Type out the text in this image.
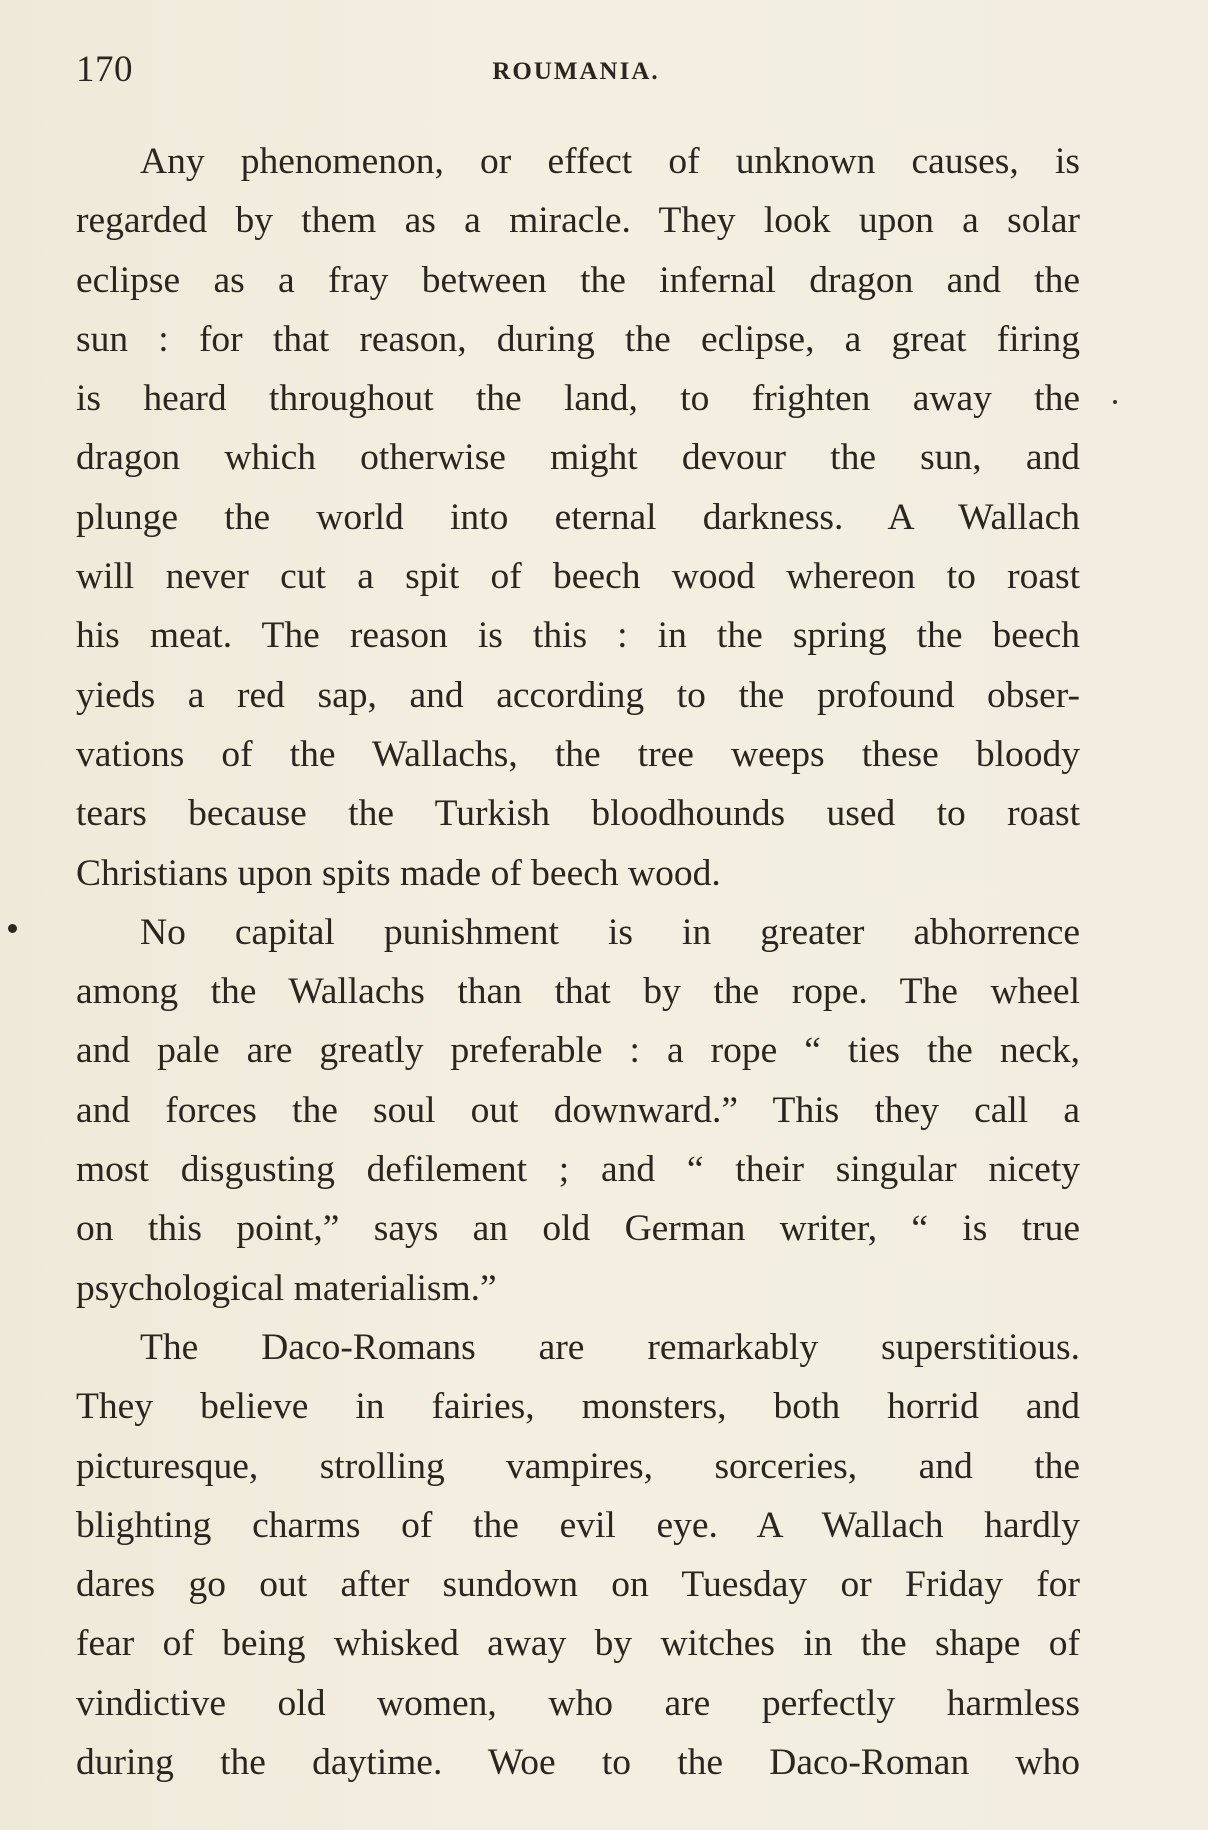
170	ROUMANIA.
Any phenomenon, or effect of unknown causes, is
regarded by them as a miracle. They look upon a solar
eclipse as a fray between the infernal dragon and the
sun : for that reason, during the eclipse, a great firing
is heard throughout the land, to frighten away the
dragon which otherwise might devour the sun, and
plunge the world into eternal darkness. A Wallach
will never cut a spit of beech wood whereon to roast
his meat. The reason is this : in the spring the beech
yieds a red sap, and according to the profound obser-
vations of the Wallachs, the tree weeps these bloody
tears because the Turkish bloodhounds used to roast
Christians upon spits made of beech wood.
No capital punishment is in greater abhorrence
among the Wallachs than that by the rope. The wheel
and pale are greatly preferable : a rope “ ties the neck,
and forces the soul out downward.” This they call a
most disgusting defilement ; and “ their singular nicety
on this point,” says an old German writer, “ is true
psychological materialism.”
The Daco-Romans are remarkably superstitious.
They believe in fairies, monsters, both horrid and
picturesque, strolling vampires, sorceries, and the
blighting charms of the evil eye. A Wallach hardly
dares go out after sundown on Tuesday or Friday for
fear of being whisked away by witches in the shape of
vindictive old women, who are perfectly harmless
during the daytime. Woe to the Daco-Roman who
